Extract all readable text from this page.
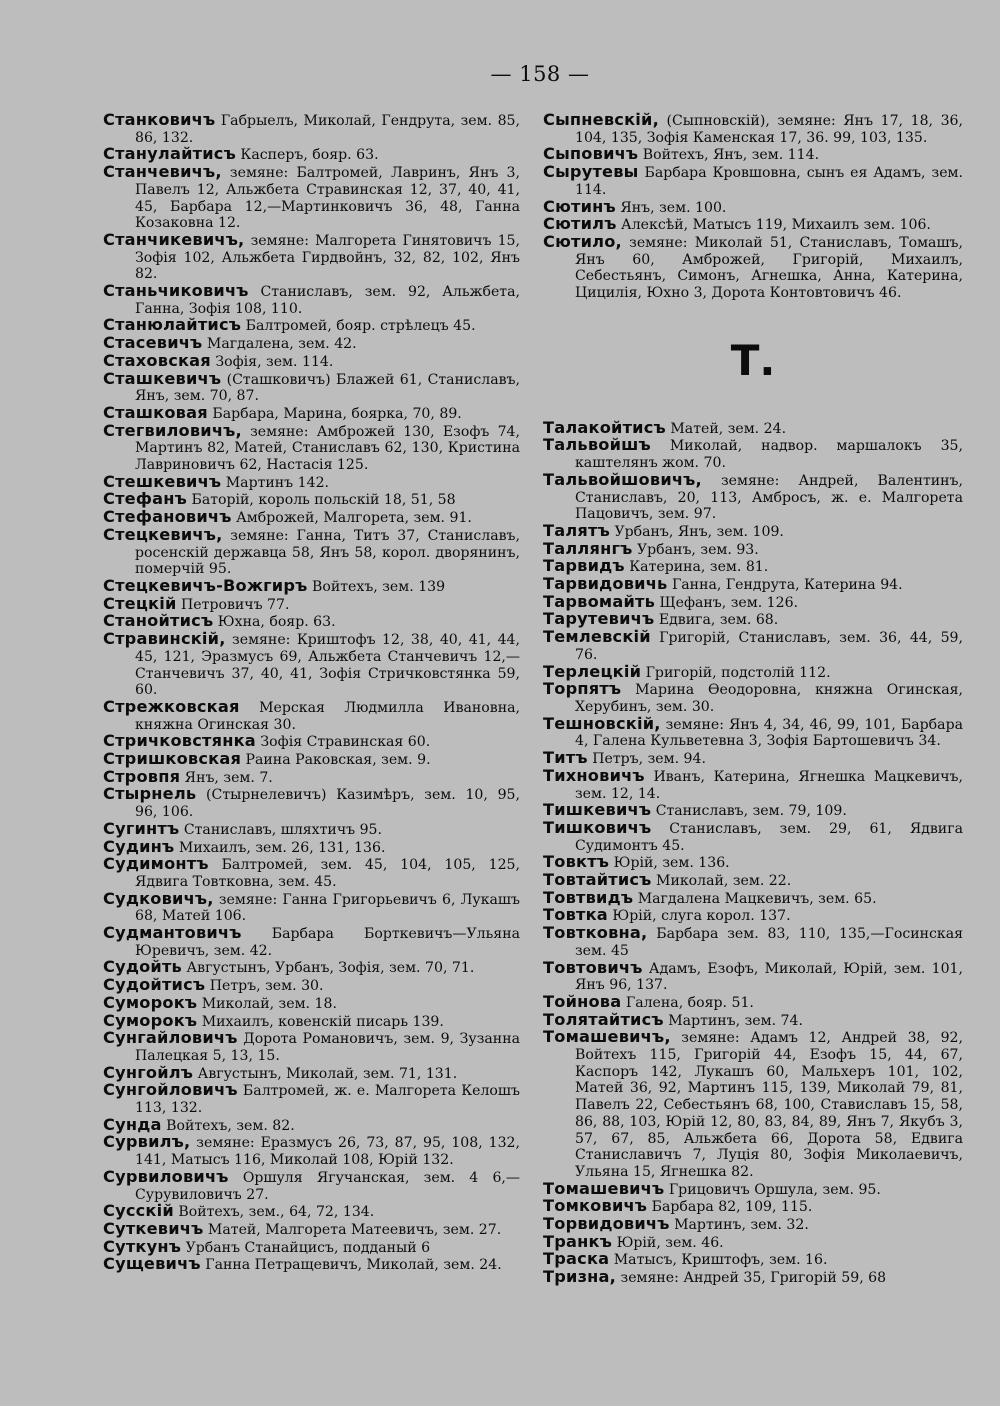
— 158 —

Станковичъ Габрыелъ, Миколай, Гендрута, зем. 85, 86, 132.

Станулайтисъ Касперъ, бояр. 63.

Станчевичъ, земяне: Балтромей, Лавринъ, Янъ 3, Павелъ 12, Альжбета Стравинская 12, 37, 40, 41, 45, Барбара 12,—Мартинковичъ 36, 48, Ганна Козаковна 12.

Станчикевичъ, земяне: Малгорета Гинятовичъ 15, Зофія 102, Альжбета Гирдвойнъ, 32, 82, 102, Янъ 82.

Станьчиковичъ Станиславъ, зем. 92, Альжбета, Ганна, Зофія 108, 110.

Станюлайтисъ Балтромей, бояр. стрѣлецъ 45.

Стасевичъ Магдалена, зем. 42.

Стаховская Зофія, зем. 114.

Сташкевичъ (Сташковичъ) Блажей 61, Станиславъ, Янъ, зем. 70, 87.

Сташковая Барбара, Марина, боярка, 70, 89.

Стегвиловичъ, земяне: Амброжей 130, Езофъ 74, Мартинъ 82, Матей, Станиславъ 62, 130, Кристина Лавриновичъ 62, Настасія 125.

Стешкевичъ Мартинъ 142.

Стефанъ Баторій, король польскій 18, 51, 58

Стефановичъ Амброжей, Малгорета, зем. 91.

Стецкевичъ, земяне: Ганна, Титъ 37, Станиславъ, росенскій державца 58, Янъ 58, корол. дворянинъ, померчій 95.

Стецкевичъ-Вожгиръ Войтехъ, зем. 139

Стецкій Петровичъ 77.

Станойтисъ Юхна, бояр. 63.

Стравинскій, земяне: Криштофъ 12, 38, 40, 41, 44, 45, 121, Эразмусъ 69, Альжбета Станчевичъ 12,—Станчевичъ 37, 40, 41, Зофія Стричковстянка 59, 60.

Стрежковская Мерская Людмилла Ивановна, княжна Огинская 30.

Стричковстянка Зофія Стравинская 60.

Стришковская Раина Раковская, зем. 9.

Стровпя Янъ, зем. 7.

Стырнель (Стырнелевичъ) Казимѣръ, зем. 10, 95, 96, 106.

Сугинтъ Станиславъ, шляхтичъ 95.

Судинъ Михаилъ, зем. 26, 131, 136.

Судимонтъ Балтромей, зем. 45, 104, 105, 125, Ядвига Товтковна, зем. 45.

Судковичъ, земяне: Ганна Григорьевичъ 6, Лукашъ 68, Матей 106.

Судмантовичъ Барбара Борткевичъ—Ульяна Юревичъ, зем. 42.

Судойть Августынъ, Урбанъ, Зофія, зем. 70, 71.

Судойтисъ Петръ, зем. 30.

Суморокъ Миколай, зем. 18.

Суморокъ Михаилъ, ковенскій писарь 139.

Сунгайловичъ Дорота Романовичъ, зем. 9, Зузанна Палецкая 5, 13, 15.

Сунгойлъ Августынъ, Миколай, зем. 71, 131.

Сунгойловичъ Балтромей, ж. е. Малгорета Келошъ 113, 132.

Сунда Войтехъ, зем. 82.

Сурвилъ, земяне: Еразмусъ 26, 73, 87, 95, 108, 132, 141, Матысъ 116, Миколай 108, Юрій 132.

Сурвиловичъ Оршуля Ягучанская, зем. 4 6,—Сурувиловичъ 27.

Сусскій Войтехъ, зем., 64, 72, 134.

Суткевичъ Матей, Малгорета Матеевичъ, зем. 27.

Суткунъ Урбанъ Станайцисъ, подданый 6

Сущевичъ Ганна Петращевичъ, Миколай, зем. 24.

Сыпневскій, (Сыпновскій), земяне: Янъ 17, 18, 36, 104, 135, Зофія Каменская 17, 36. 99, 103, 135.

Сыповичъ Войтехъ, Янъ, зем. 114.

Сырутевы Барбара Кровшовна, сынъ ея Адамъ, зем. 114.

Сютинъ Янъ, зем. 100.

Сютилъ Алексѣй, Матысъ 119, Михаилъ зем. 106.

Сютило, земяне: Миколай 51, Станиславъ, Томашъ, Янъ 60, Амброжей, Григорій, Михаилъ, Себестьянъ, Симонъ, Агнешка, Анна, Катерина, Цицилія, Юхно 3, Дорота Контовтовичъ 46.

Т.

Талакойтисъ Матей, зем. 24.

Тальвойшъ Миколай, надвор. маршалокъ 35, каштелянъ жом. 70.

Тальвойшовичъ, земяне: Андрей, Валентинъ, Станиславъ, 20, 113, Амбросъ, ж. е. Малгорета Пацовичъ, зем. 97.

Талятъ Урбанъ, Янъ, зем. 109.

Таллянгъ Урбанъ, зем. 93.

Тарвидъ Катерина, зем. 81.

Тарвидовичь Ганна, Гендрута, Катерина 94.

Тарвомайть Щефанъ, зем. 126.

Тарутевичъ Едвига, зем. 68.

Темлевскій Григорій, Станиславъ, зем. 36, 44, 59, 76.

Терлецкій Григорій, подстолій 112.

Торпятъ Марина Ѳеодоровна, княжна Огинская, Херубинъ, зем. 30.

Тешновскій, земяне: Янъ 4, 34, 46, 99, 101, Барбара 4, Галена Кульветевна 3, Зофія Бартошевичъ 34.

Титъ Петръ, зем. 94.

Тихновичъ Иванъ, Катерина, Ягнешка Мацкевичъ, зем. 12, 14.

Тишкевичъ Станиславъ, зем. 79, 109.

Тишковичъ Станиславъ, зем. 29, 61, Ядвига Судимонтъ 45.

Товктъ Юрій, зем. 136.

Товтайтисъ Миколай, зем. 22.

Товтвидъ Магдалена Мацкевичъ, зем. 65.

Товтка Юрій, слуга корол. 137.

Товтковна, Барбара зем. 83, 110, 135,—Госинская зем. 45

Товтовичъ Адамъ, Езофъ, Миколай, Юрій, зем. 101, Янъ 96, 137.

Тойнова Галена, бояр. 51.

Толятайтисъ Мартинъ, зем. 74.

Томашевичъ, земяне: Адамъ 12, Андрей 38, 92, Войтехъ 115, Григорій 44, Езофъ 15, 44, 67, Каспоръ 142, Лукашъ 60, Мальхеръ 101, 102, Матей 36, 92, Мартинъ 115, 139, Миколай 79, 81, Павелъ 22, Себестьянъ 68, 100, Ставиславъ 15, 58, 86, 88, 103, Юрій 12, 80, 83, 84, 89, Янъ 7, Якубъ 3, 57, 67, 85, Альжбета 66, Дорота 58, Едвига Станиславичъ 7, Луція 80, Зофія Миколаевичъ, Ульяна 15, Ягнешка 82.

Томашевичъ Грицовичъ Оршула, зем. 95.

Томковичъ Барбара 82, 109, 115.

Торвидовичъ Мартинъ, зем. 32.

Транкъ Юрій, зем. 46.

Траска Матысъ, Криштофъ, зем. 16.

Тризна, земяне: Андрей 35, Григорій 59, 68
